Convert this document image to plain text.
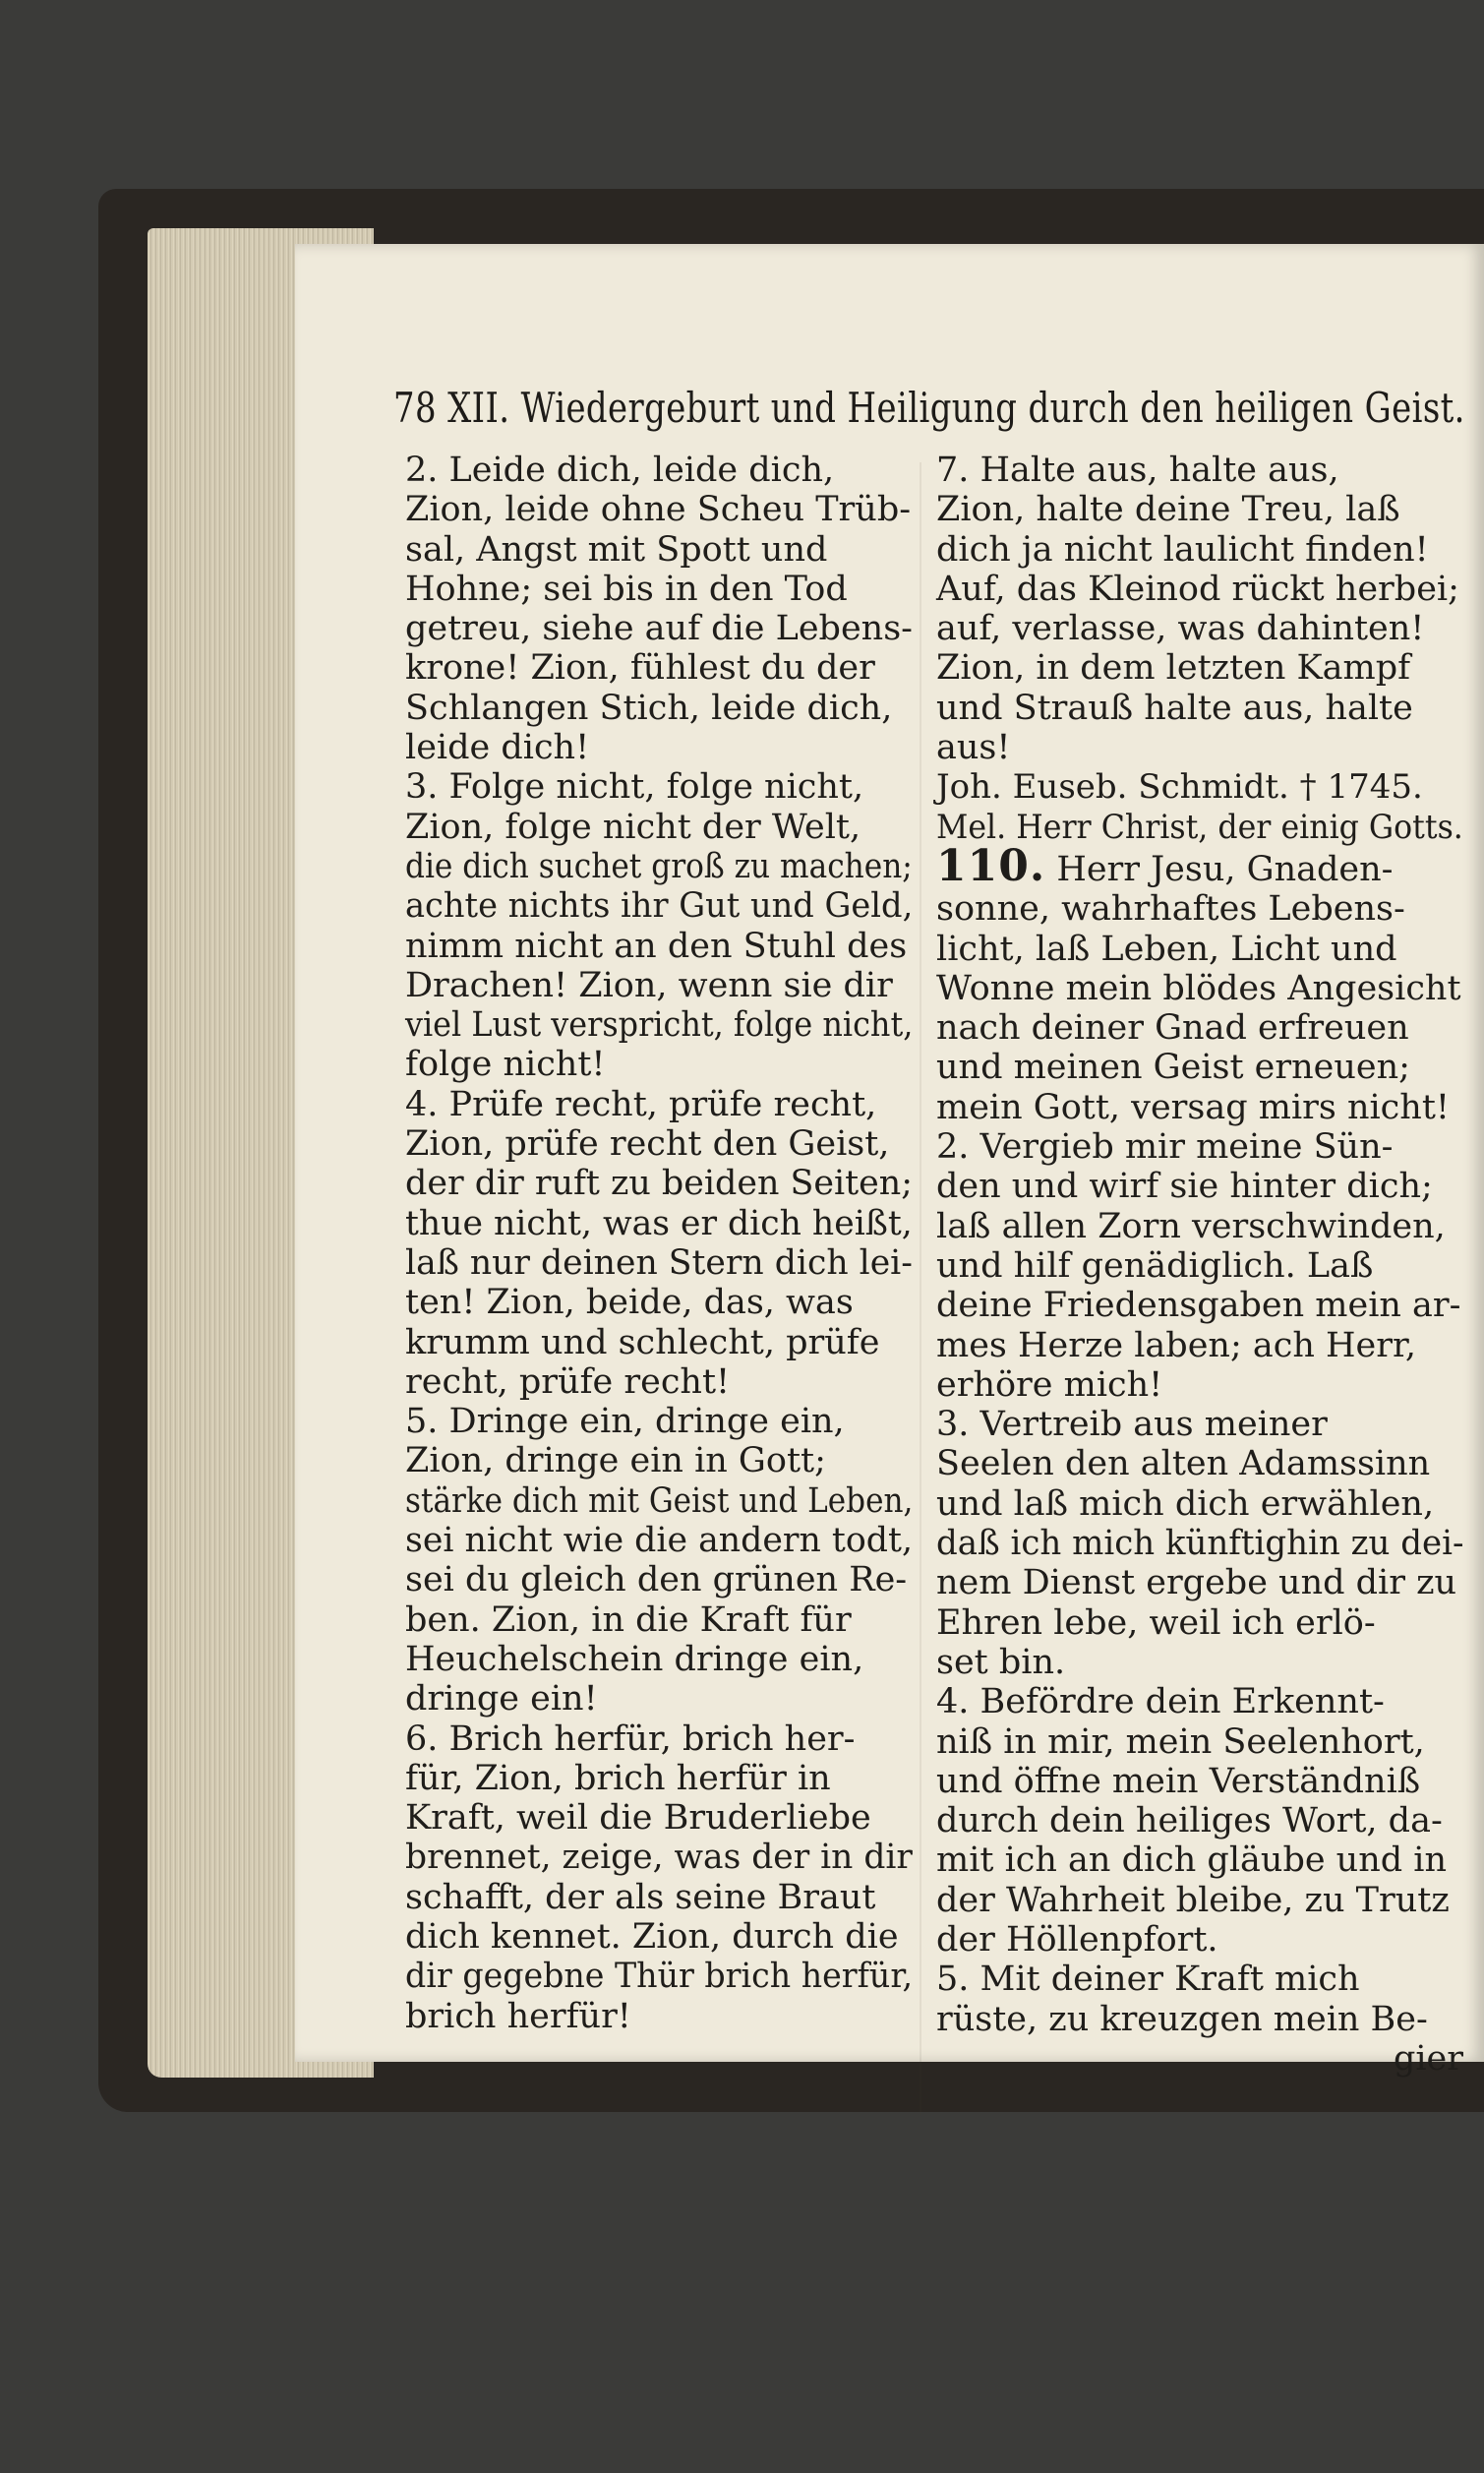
78 XII. Wiedergeburt und Heiligung durch den heiligen Geist.
2. Leide dich, leide dich,
Zion, leide ohne Scheu Trüb-
sal, Angst mit Spott und
Hohne; sei bis in den Tod
getreu, siehe auf die Lebens-
krone! Zion, fühlest du der
Schlangen Stich, leide dich,
leide dich!
3. Folge nicht, folge nicht,
Zion, folge nicht der Welt,
die dich suchet groß zu machen;
achte nichts ihr Gut und Geld,
nimm nicht an den Stuhl des
Drachen! Zion, wenn sie dir
viel Lust verspricht, folge nicht,
folge nicht!
4. Prüfe recht, prüfe recht,
Zion, prüfe recht den Geist,
der dir ruft zu beiden Seiten;
thue nicht, was er dich heißt,
laß nur deinen Stern dich lei-
ten! Zion, beide, das, was
krumm und schlecht, prüfe
recht, prüfe recht!
5. Dringe ein, dringe ein,
Zion, dringe ein in Gott;
stärke dich mit Geist und Leben,
sei nicht wie die andern todt,
sei du gleich den grünen Re-
ben. Zion, in die Kraft für
Heuchelschein dringe ein,
dringe ein!
6. Brich herfür, brich her-
für, Zion, brich herfür in
Kraft, weil die Bruderliebe
brennet, zeige, was der in dir
schafft, der als seine Braut
dich kennet. Zion, durch die
dir gegebne Thür brich herfür,
brich herfür!
7. Halte aus, halte aus,
Zion, halte deine Treu, laß
dich ja nicht laulicht finden!
Auf, das Kleinod rückt herbei;
auf, verlasse, was dahinten!
Zion, in dem letzten Kampf
und Strauß halte aus, halte
aus!
Joh. Euseb. Schmidt. † 1745.
Mel. Herr Christ, der einig Gotts.
110. Herr Jesu, Gnaden-
sonne, wahrhaftes Lebens-
licht, laß Leben, Licht und
Wonne mein blödes Angesicht
nach deiner Gnad erfreuen
und meinen Geist erneuen;
mein Gott, versag mirs nicht!
2. Vergieb mir meine Sün-
den und wirf sie hinter dich;
laß allen Zorn verschwinden,
und hilf genädiglich. Laß
deine Friedensgaben mein ar-
mes Herze laben; ach Herr,
erhöre mich!
3. Vertreib aus meiner
Seelen den alten Adamssinn
und laß mich dich erwählen,
daß ich mich künftighin zu dei-
nem Dienst ergebe und dir zu
Ehren lebe, weil ich erlö-
set bin.
4. Befördre dein Erkennt-
niß in mir, mein Seelenhort,
und öffne mein Verständniß
durch dein heiliges Wort, da-
mit ich an dich gläube und in
der Wahrheit bleibe, zu Trutz
der Höllenpfort.
5. Mit deiner Kraft mich
rüste, zu kreuzgen mein Be-
gier
